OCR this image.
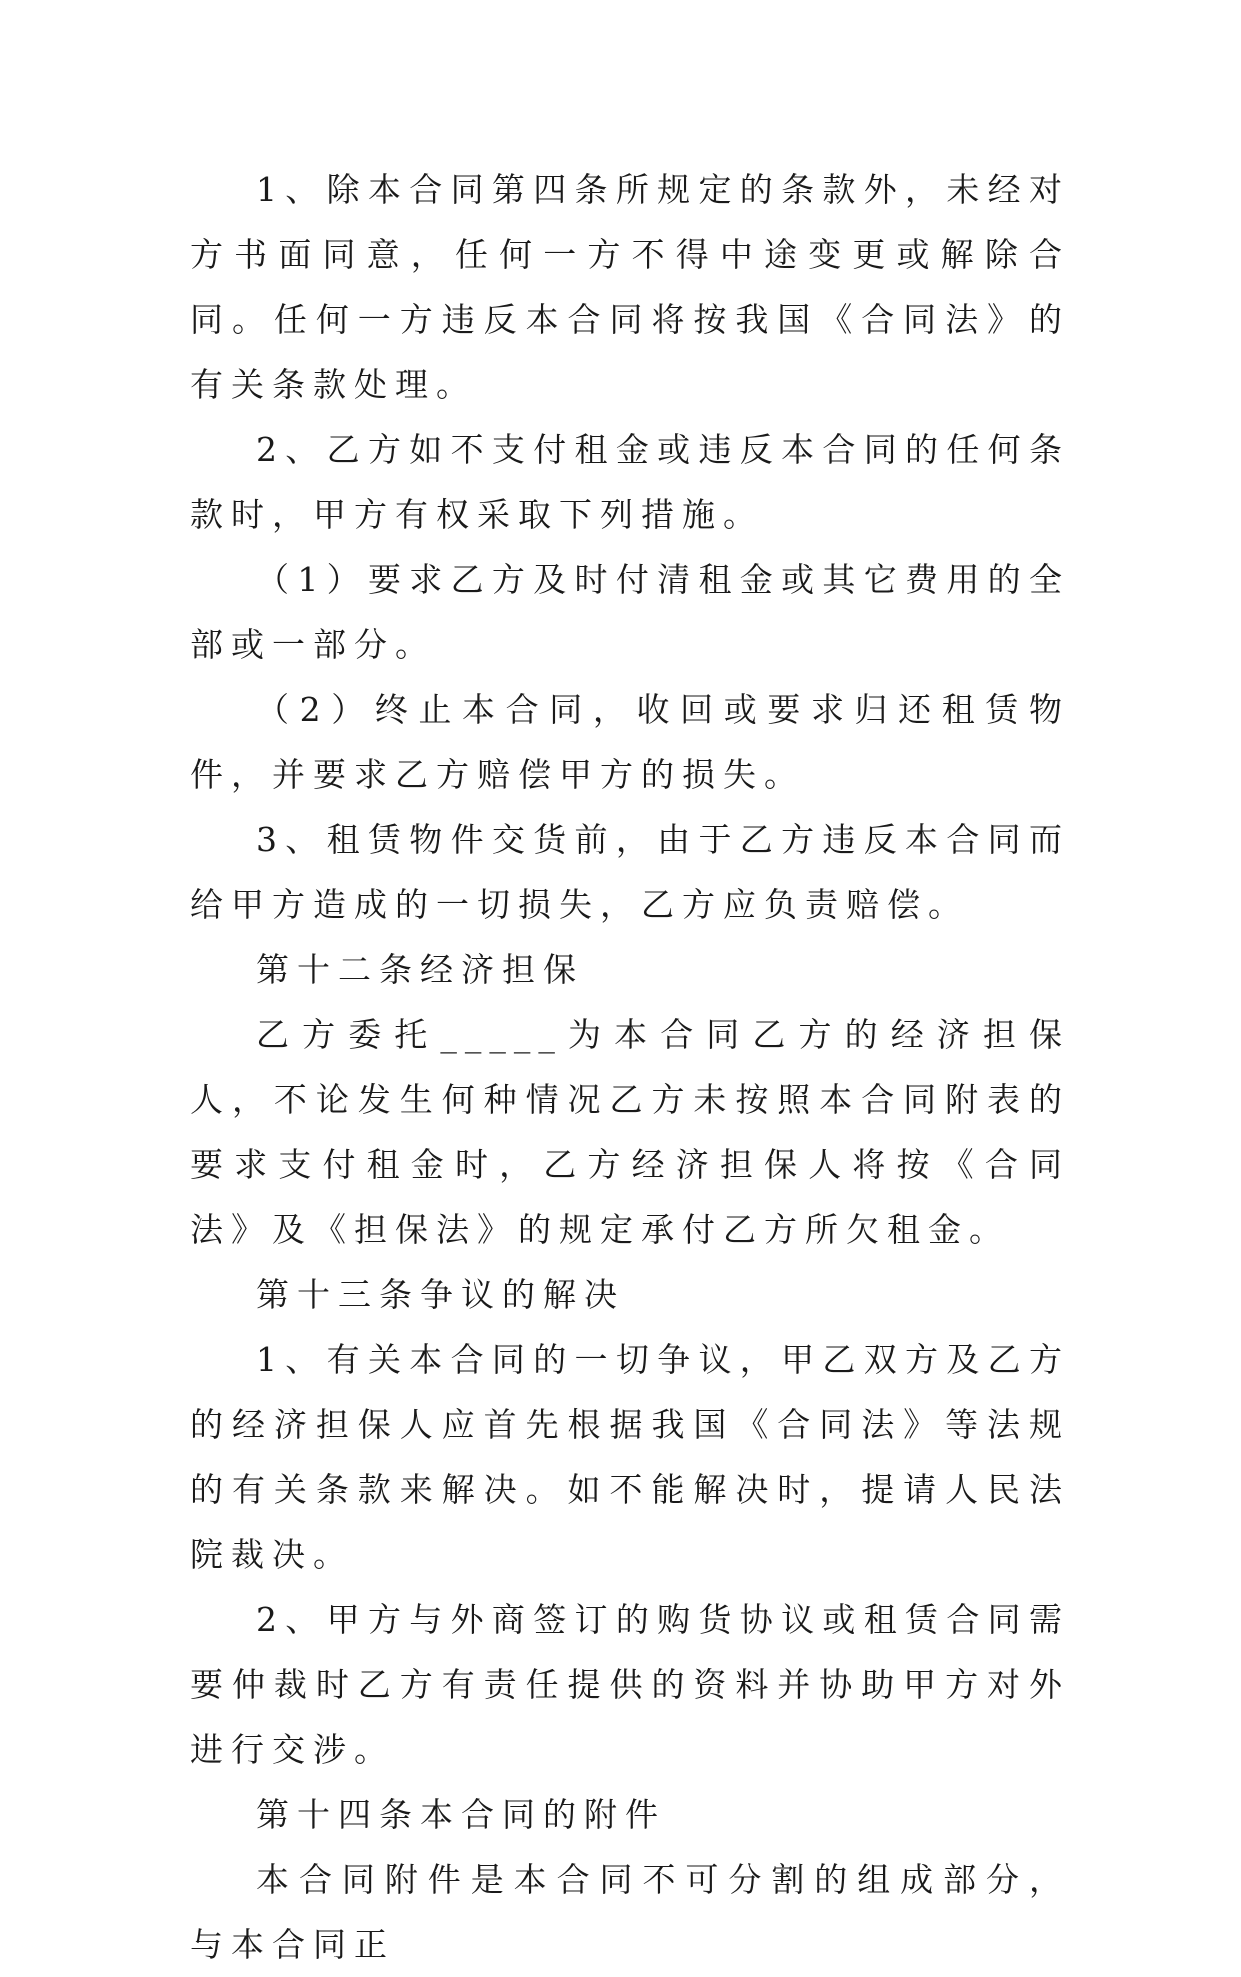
1、除本合同第四条所规定的条款外，未经对方书面同意，任何一方不得中途变更或解除合同。任何一方违反本合同将按我国《合同法》的有关条款处理。

2、乙方如不支付租金或违反本合同的任何条款时，甲方有权采取下列措施。

（1）要求乙方及时付清租金或其它费用的全部或一部分。

（2）终止本合同，收回或要求归还租赁物件，并要求乙方赔偿甲方的损失。

3、租赁物件交货前，由于乙方违反本合同而给甲方造成的一切损失，乙方应负责赔偿。

第十二条经济担保

乙方委托_____为本合同乙方的经济担保人，不论发生何种情况乙方未按照本合同附表的要求支付租金时，乙方经济担保人将按《合同法》及《担保法》的规定承付乙方所欠租金。

第十三条争议的解决

1、有关本合同的一切争议，甲乙双方及乙方的经济担保人应首先根据我国《合同法》等法规的有关条款来解决。如不能解决时，提请人民法院裁决。

2、甲方与外商签订的购货协议或租赁合同需要仲裁时乙方有责任提供的资料并协助甲方对外进行交涉。

第十四条本合同的附件

本合同附件是本合同不可分割的组成部分，与本合同正
